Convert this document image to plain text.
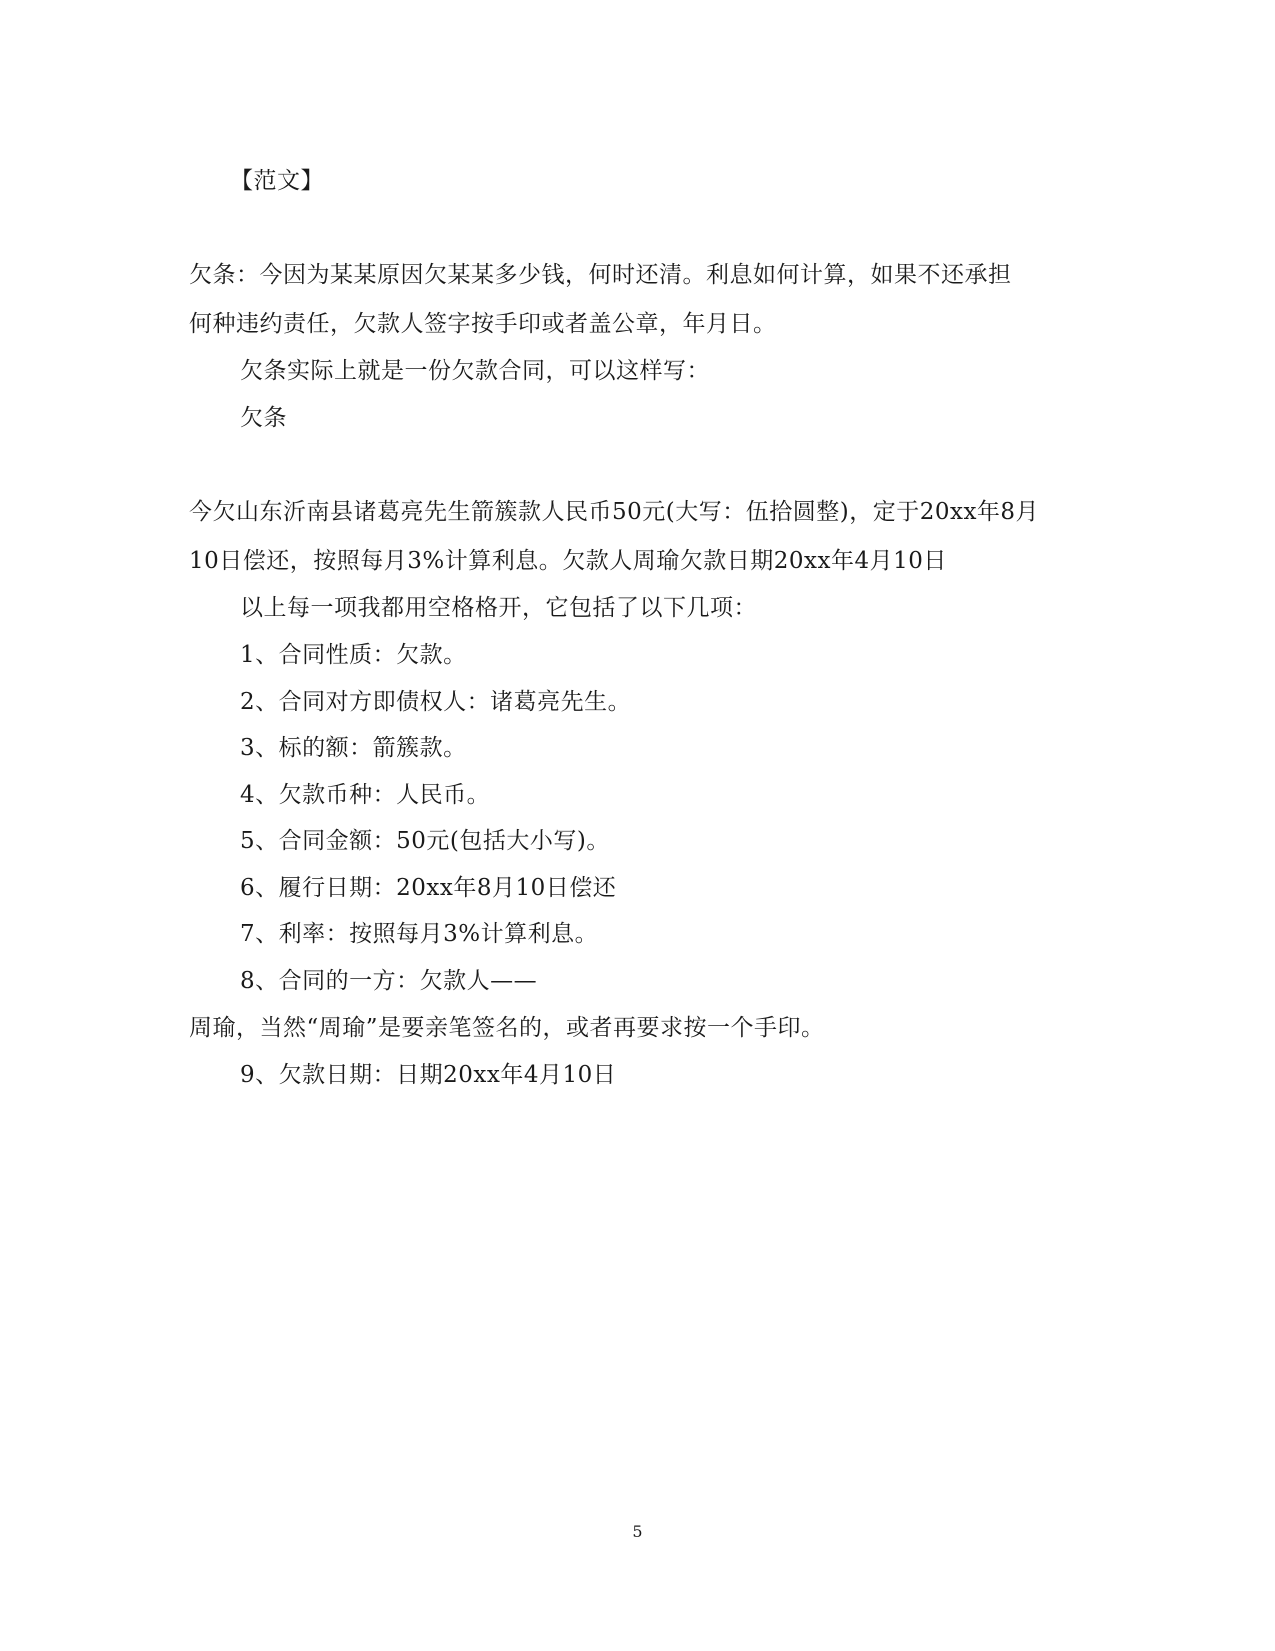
【范文】
欠条：今因为某某原因欠某某多少钱，何时还清。利息如何计算，如果不还承担
何种违约责任，欠款人签字按手印或者盖公章，年月日。
欠条实际上就是一份欠款合同，可以这样写：
欠条
今欠山东沂南县诸葛亮先生箭簇款人民币50元(大写：伍拾圆整)，定于20xx年8月
10日偿还，按照每月3%计算利息。欠款人周瑜欠款日期20xx年4月10日
以上每一项我都用空格格开，它包括了以下几项：
1、合同性质：欠款。
2、合同对方即债权人：诸葛亮先生。
3、标的额：箭簇款。
4、欠款币种：人民币。
5、合同金额：50元(包括大小写)。
6、履行日期：20xx年8月10日偿还
7、利率：按照每月3%计算利息。
8、合同的一方：欠款人——
周瑜，当然“周瑜”是要亲笔签名的，或者再要求按一个手印。
9、欠款日期：日期20xx年4月10日
5
